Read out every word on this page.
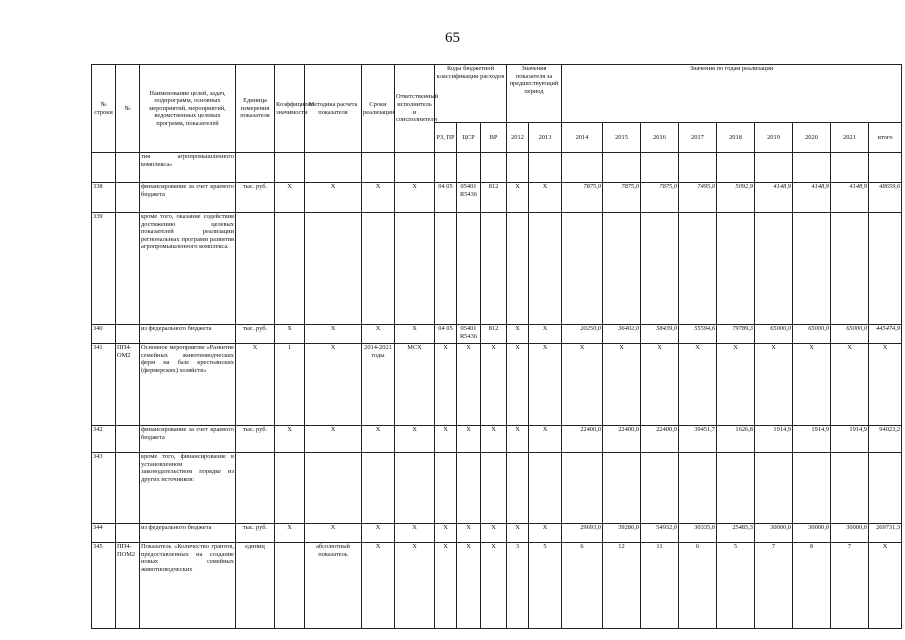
65
№ строки	№	Наименование целей, задач, подпрограмм, основных мероприятий, мероприятий, ведомственных целевых программ, показателей	Единица измерения показателя	Коэффициент значимости	Методика расчета показателя	Сроки реализации	Ответственный исполнитель и соисполнители	Коды бюджетной классификации расходов			Значения показателя за предшествующий период		Значения по годам реализации								
								РЗ, ПР	ЦСР	ВР	2012	2013	2014	2015	2016	2017	2018	2019	2020	2021	итого
		тия агропромышленного комплекса»																			
338		финансирование за счет краевого бюджета	тыс. руб.	X	X	X	X	04 05	05401 R5436	812	X	X	7875,0	7875,0	7875,0	7495,0	5092,9	4148,9	4148,9	4148,9	48659,6
339		кроме того, оказание содействия достижению целевых показателей реализации региональных программ развития агропромышленного комплекса.																			
340		из федерального бюджета	тыс. руб.	X	X	X	X	04 05	05401 R5436	812	X	X	20250,0	36402,0	58439,0	55594,6	79789,3	65000,0	65000,0	65000,0	445474,9
341	ПП4-ОМ2	Основное мероприятие «Развитие семейных животноводческих ферм на базе крестьянских (фермерских) хозяйств»	X	1	X	2014-2021 годы	МСХ	X	X	X	X	X	X	X	X	X	X	X	X	X	X
342		финансирование за счет краевого бюджета	тыс. руб.	X	X	X	X	X	X	X	X	X	22400,0	22400,0	22400,0	39451,7	1626,8	1914,9	1914,9	1914,9	94023,2
343		кроме того, финансирование в установленном законодательством порядке из других источников:																			
344		из федерального бюджета	тыс. руб.	X	X	X	X	X	X	X	X	X	29693,0	39286,0	54932,0	30335,0	25485,3	30000,0	30000,0	30000,0	269731,3
345	ПП4-ПОМ2	Показатель «Количество грантов, предоставленных на создание новых семейных животноводческих	единиц		абсолютный показатель	X	X	X	X	X	3	5	6	12	11	6	5	7	8	7	X
